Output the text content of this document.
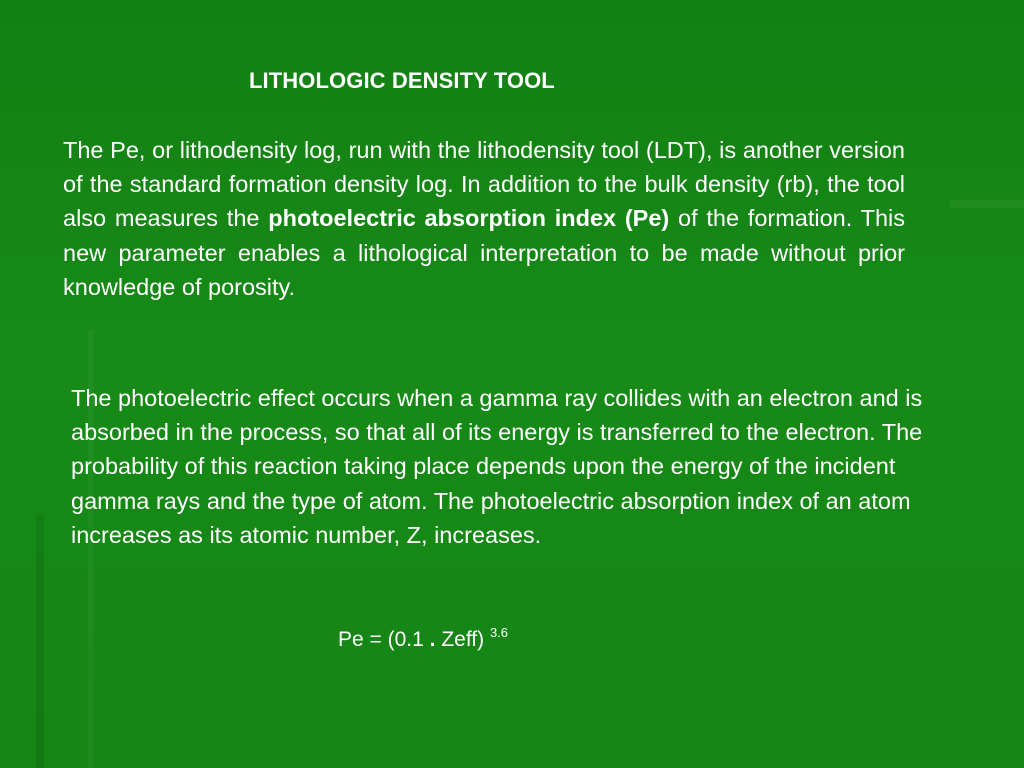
LITHOLOGIC DENSITY TOOL
The Pe, or lithodensity log, run with the lithodensity tool (LDT), is another version of the standard formation density log. In addition to the bulk density (rb), the tool also measures the photoelectric absorption index (Pe) of the formation. This new parameter enables a lithological interpretation to be made without prior knowledge of porosity.
The photoelectric effect occurs when a gamma ray collides with an electron and is absorbed in the process, so that all of its energy is transferred to the electron. The probability of this reaction taking place depends upon the energy of the incident gamma rays and the type of atom. The photoelectric absorption index of an atom increases as its atomic number, Z, increases.
Pe = (0.1 . Zeff) $^{3.6}$
